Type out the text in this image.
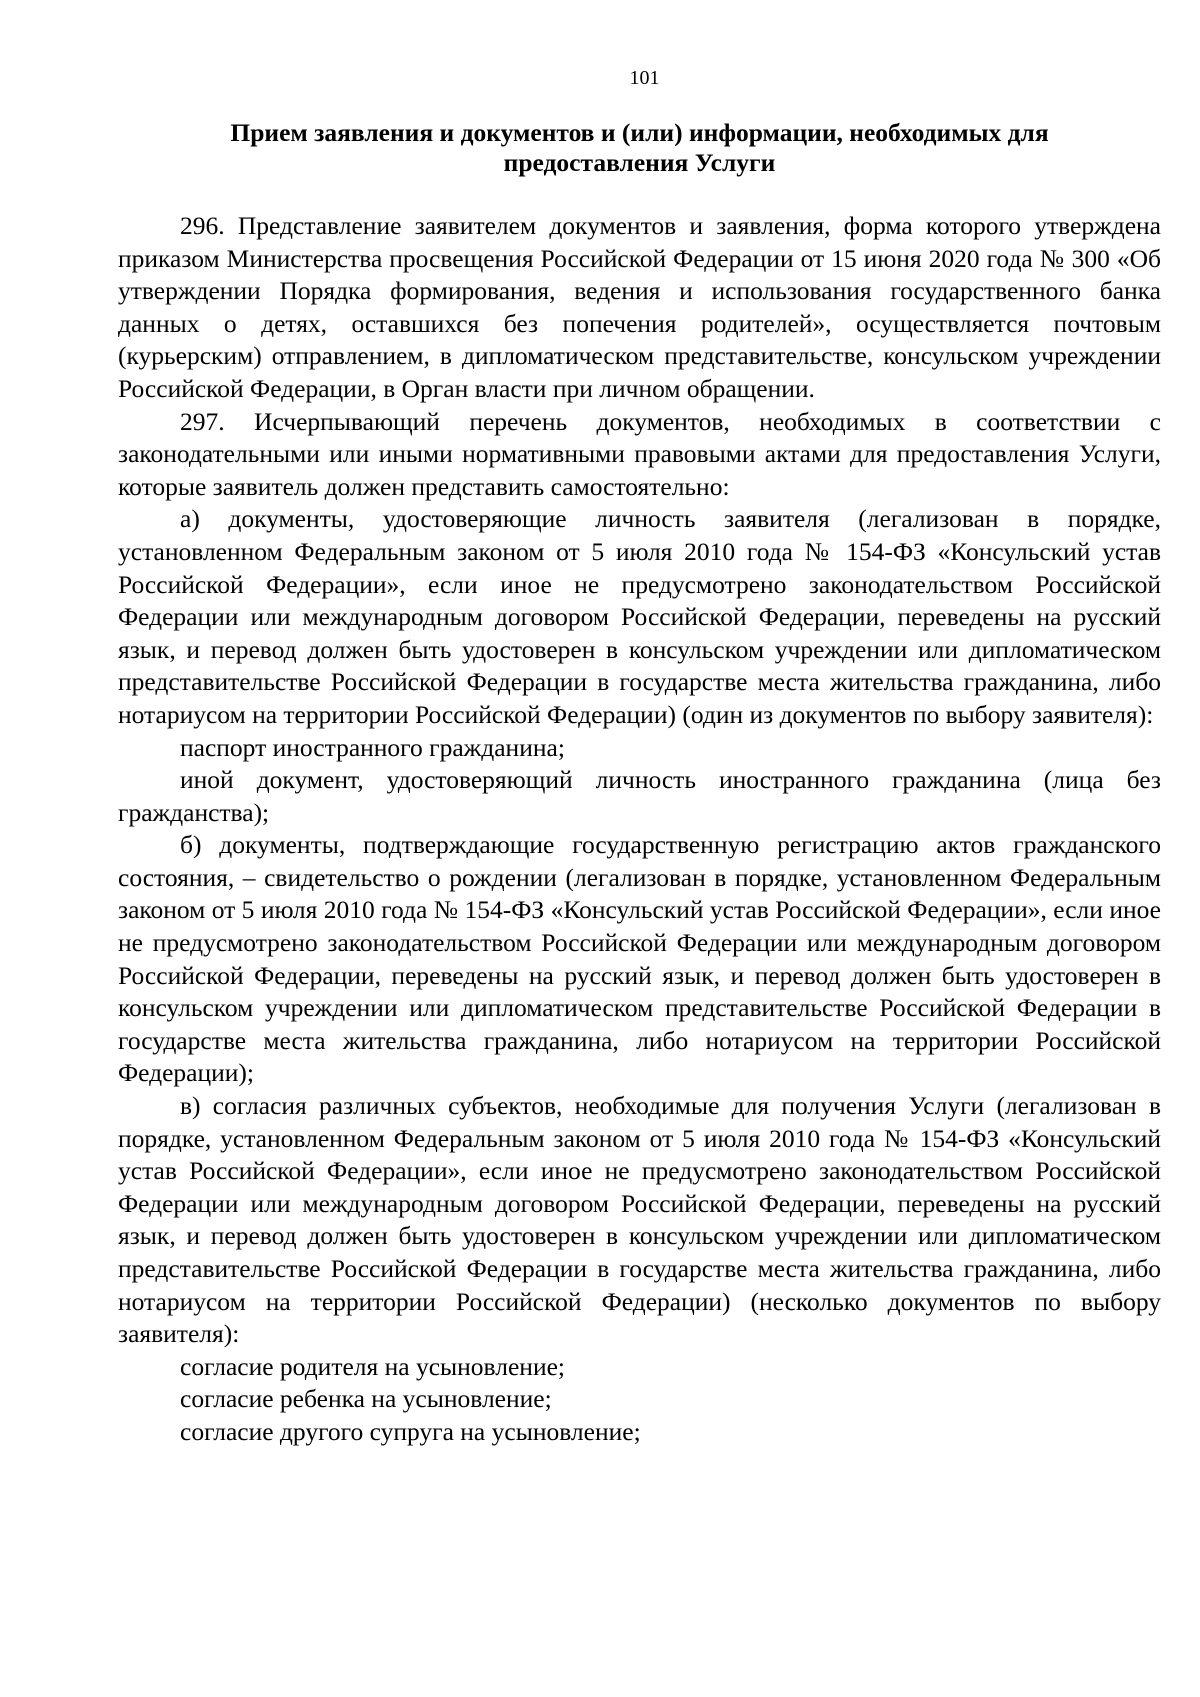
101
Прием заявления и документов и (или) информации, необходимых для
предоставления Услуги

296. Представление заявителем документов и заявления, форма которого утверждена приказом Министерства просвещения Российской Федерации от 15 июня 2020 года № 300 «Об утверждении Порядка формирования, ведения и использования государственного банка данных о детях, оставшихся без попечения родителей», осуществляется почтовым (курьерским) отправлением, в дипломатическом представительстве, консульском учреждении Российской Федерации, в Орган власти при личном обращении.

297. Исчерпывающий перечень документов, необходимых в соответствии с законодательными или иными нормативными правовыми актами для предоставления Услуги, которые заявитель должен представить самостоятельно:

а) документы, удостоверяющие личность заявителя (легализован в порядке, установленном Федеральным законом от 5 июля 2010 года № 154-ФЗ «Консульский устав Российской Федерации», если иное не предусмотрено законодательством Российской Федерации или международным договором Российской Федерации, переведены на русский язык, и перевод должен быть удостоверен в консульском учреждении или дипломатическом представительстве Российской Федерации в государстве места жительства гражданина, либо нотариусом на территории Российской Федерации) (один из документов по выбору заявителя):

паспорт иностранного гражданина;

иной документ, удостоверяющий личность иностранного гражданина (лица без гражданства);

б) документы, подтверждающие государственную регистрацию актов гражданского состояния, – свидетельство о рождении (легализован в порядке, установленном Федеральным законом от 5 июля 2010 года № 154-ФЗ «Консульский устав Российской Федерации», если иное не предусмотрено законодательством Российской Федерации или международным договором Российской Федерации, переведены на русский язык, и перевод должен быть удостоверен в консульском учреждении или дипломатическом представительстве Российской Федерации в государстве места жительства гражданина, либо нотариусом на территории Российской Федерации);

в) согласия различных субъектов, необходимые для получения Услуги (легализован в порядке, установленном Федеральным законом от 5 июля 2010 года № 154-ФЗ «Консульский устав Российской Федерации», если иное не предусмотрено законодательством Российской Федерации или международным договором Российской Федерации, переведены на русский язык, и перевод должен быть удостоверен в консульском учреждении или дипломатическом представительстве Российской Федерации в государстве места жительства гражданина, либо нотариусом на территории Российской Федерации) (несколько документов по выбору заявителя):

согласие родителя на усыновление;

согласие ребенка на усыновление;

согласие другого супруга на усыновление;
